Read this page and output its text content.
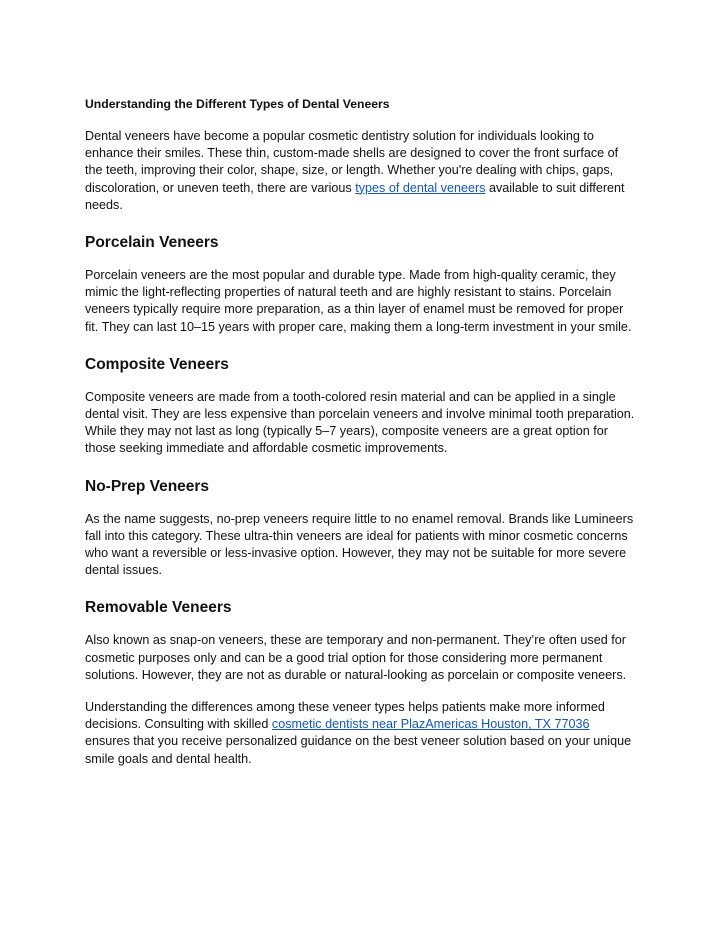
Understanding the Different Types of Dental Veneers

Dental veneers have become a popular cosmetic dentistry solution for individuals looking to enhance their smiles. These thin, custom-made shells are designed to cover the front surface of the teeth, improving their color, shape, size, or length. Whether you're dealing with chips, gaps, discoloration, or uneven teeth, there are various types of dental veneers available to suit different needs.

Porcelain Veneers

Porcelain veneers are the most popular and durable type. Made from high-quality ceramic, they mimic the light-reflecting properties of natural teeth and are highly resistant to stains. Porcelain veneers typically require more preparation, as a thin layer of enamel must be removed for proper fit. They can last 10–15 years with proper care, making them a long-term investment in your smile.

Composite Veneers

Composite veneers are made from a tooth-colored resin material and can be applied in a single dental visit. They are less expensive than porcelain veneers and involve minimal tooth preparation. While they may not last as long (typically 5–7 years), composite veneers are a great option for those seeking immediate and affordable cosmetic improvements.

No-Prep Veneers

As the name suggests, no-prep veneers require little to no enamel removal. Brands like Lumineers fall into this category. These ultra-thin veneers are ideal for patients with minor cosmetic concerns who want a reversible or less-invasive option. However, they may not be suitable for more severe dental issues.

Removable Veneers

Also known as snap-on veneers, these are temporary and non-permanent. They’re often used for cosmetic purposes only and can be a good trial option for those considering more permanent solutions. However, they are not as durable or natural-looking as porcelain or composite veneers.

Understanding the differences among these veneer types helps patients make more informed decisions. Consulting with skilled cosmetic dentists near PlazAmericas Houston, TX 77036 ensures that you receive personalized guidance on the best veneer solution based on your unique smile goals and dental health.
